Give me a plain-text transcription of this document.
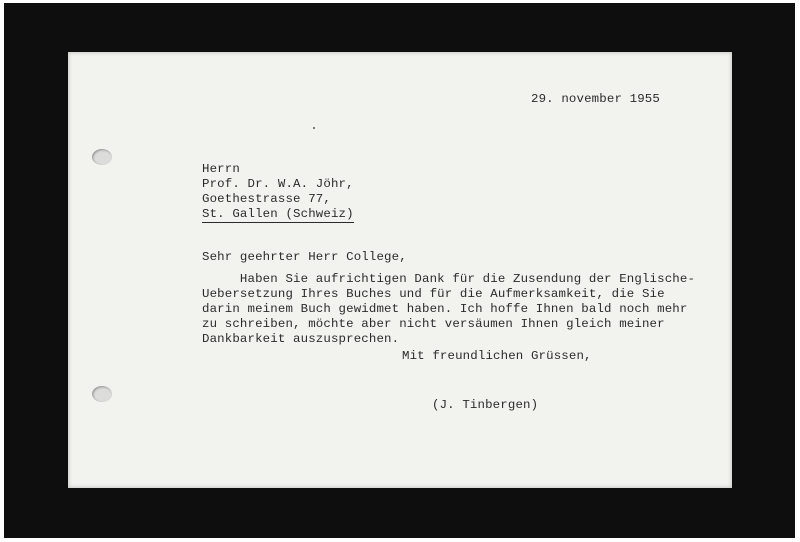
29. november 1955

Herrn

Prof. Dr. W.A. Jöhr,

Goethestrasse 77,

St. Gallen (Schweiz)

Sehr geehrter Herr College,

Haben Sie aufrichtigen Dank für die Zusendung der Englische-

Uebersetzung Ihres Buches und für die Aufmerksamkeit, die Sie

darin meinem Buch gewidmet haben. Ich hoffe Ihnen bald noch mehr

zu schreiben, möchte aber nicht versäumen Ihnen gleich meiner

Dankbarkeit auszusprechen.

Mit freundlichen Grüssen,

(J. Tinbergen)
